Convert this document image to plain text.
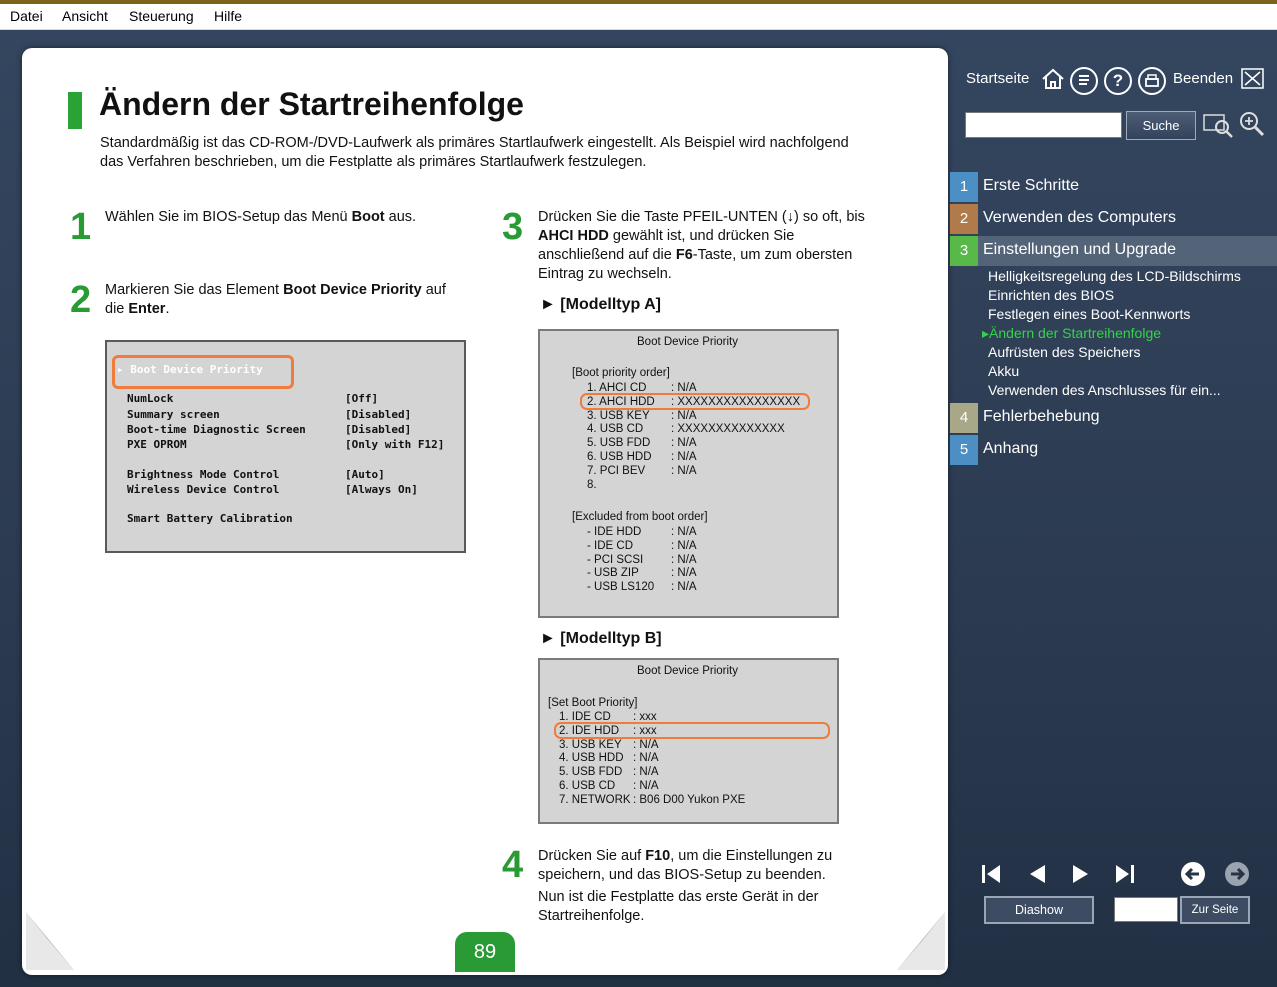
Datei Ansicht Steuerung Hilfe
Ändern der Startreihenfolge
Standardmäßig ist das CD-ROM-/DVD-Laufwerk als primäres Startlaufwerk eingestellt. Als Beispiel wird nachfolgend das Verfahren beschrieben, um die Festplatte als primäres Startlaufwerk festzulegen.
1 Wählen Sie im BIOS-Setup das Menü Boot aus.
2 Markieren Sie das Element Boot Device Priority auf die Enter.
▸ Boot Device Priority
NumLock	[Off]
Summary screen	[Disabled]
Boot-time Diagnostic Screen	[Disabled]
PXE OPROM	[Only with F12]
Brightness Mode Control	[Auto]
Wireless Device Control	[Always On]
Smart Battery Calibration
3 Drücken Sie die Taste PFEIL-UNTEN (↓) so oft, bis AHCI HDD gewählt ist, und drücken Sie anschließend auf die F6-Taste, um zum obersten Eintrag zu wechseln.
► [Modelltyp A]
Boot Device Priority
[Boot priority order]
1. AHCI CD : N/A
2. AHCI HDD : XXXXXXXXXXXXXXXX
3. USB KEY : N/A
4. USB CD : XXXXXXXXXXXXXX
5. USB FDD : N/A
6. USB HDD : N/A
7. PCI BEV : N/A
8.
[Excluded from boot order]
- IDE HDD	: N/A
- IDE CD	: N/A
- PCI SCSI : N/A
- USB ZIP	: N/A
- USB LS120 : N/A
► [Modelltyp B]
Boot Device Priority
[Set Boot Priority]
1. IDE CD : xxx
2. IDE HDD : xxx
3. USB KEY : N/A
4. USB HDD : N/A
5. USB FDD : N/A
6. USB CD : N/A
7. NETWORK : B06 D00 Yukon PXE
4 Drücken Sie auf F10, um die Einstellungen zu speichern, und das BIOS-Setup zu beenden.
Nun ist die Festplatte das erste Gerät in der Startreihenfolge.
89
Startseite	?	Beenden
Suche
1 Erste Schritte
2 Verwenden des Computers
3 Einstellungen und Upgrade
Helligkeitsregelung des LCD-Bildschirms
Einrichten des BIOS
Festlegen eines Boot-Kennworts
▸Ändern der Startreihenfolge
Aufrüsten des Speichers
Akku
Verwenden des Anschlusses für ein...
4 Fehlerbehebung
5 Anhang
Diashow	Zur Seite
